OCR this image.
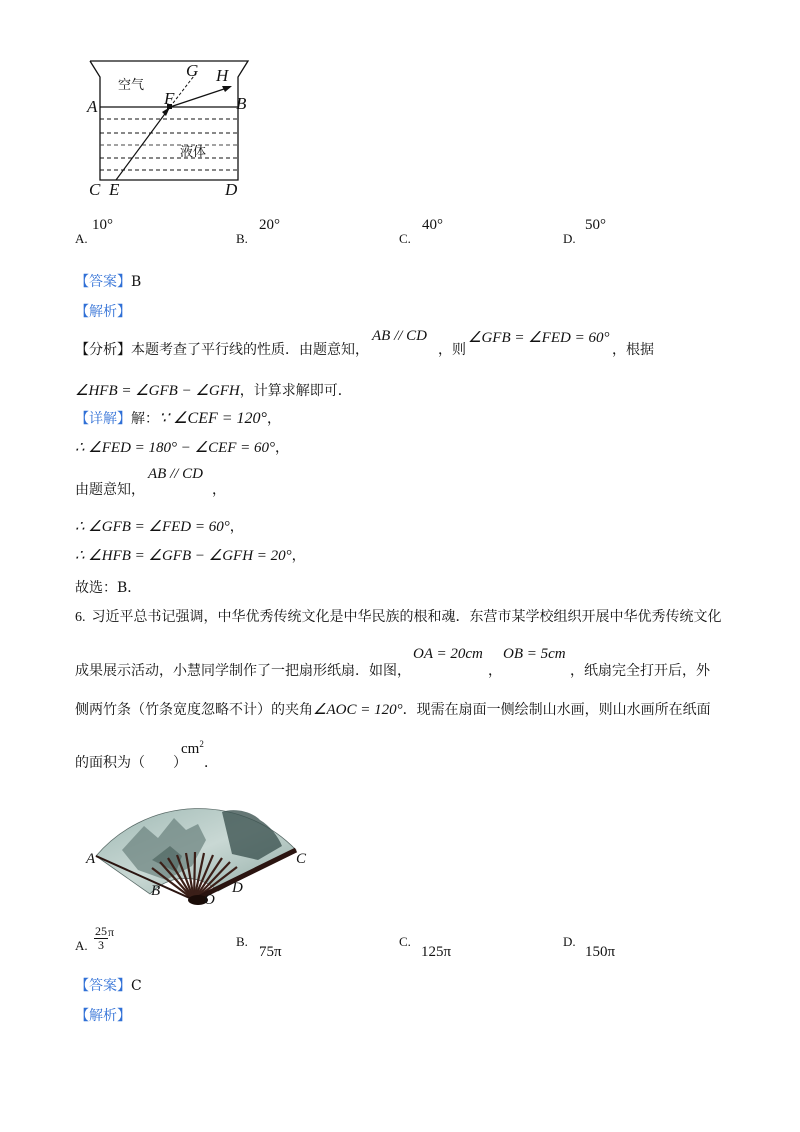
空气
液体
G H
F
A	B
C E	D
A.
10°
B.
20°
C.
40°
D.
50°
【答案】B
【解析】
【分析】本题考查了平行线的性质．由题意知，
AB // CD
，则
∠GFB = ∠FED = 60°
，根据
∠HFB = ∠GFB − ∠GFH，计算求解即可．
【详解】解：∵ ∠CEF = 120°，
∴ ∠FED = 180° − ∠CEF = 60°，
由题意知，
AB // CD
，
∴ ∠GFB = ∠FED = 60°，
∴ ∠HFB = ∠GFB − ∠GFH = 20°，
故选：B．
6. 习近平总书记强调，中华优秀传统文化是中华民族的根和魂．东营市某学校组织开展中华优秀传统文化
成果展示活动，小慧同学制作了一把扇形纸扇．如图，
OA = 20cm
，
OB = 5cm
，纸扇完全打开后，外
侧两竹条（竹条宽度忽略不计）的夹角∠AOC = 120°．现需在扇面一侧绘制山水画，则山水画所在纸面
的面积为（　　）
$cm^2$
．
A	C
B	D
O
A. $\frac{25}{3}$ π
B.
75π
C.
125π
D.
150π
【答案】C
【解析】
